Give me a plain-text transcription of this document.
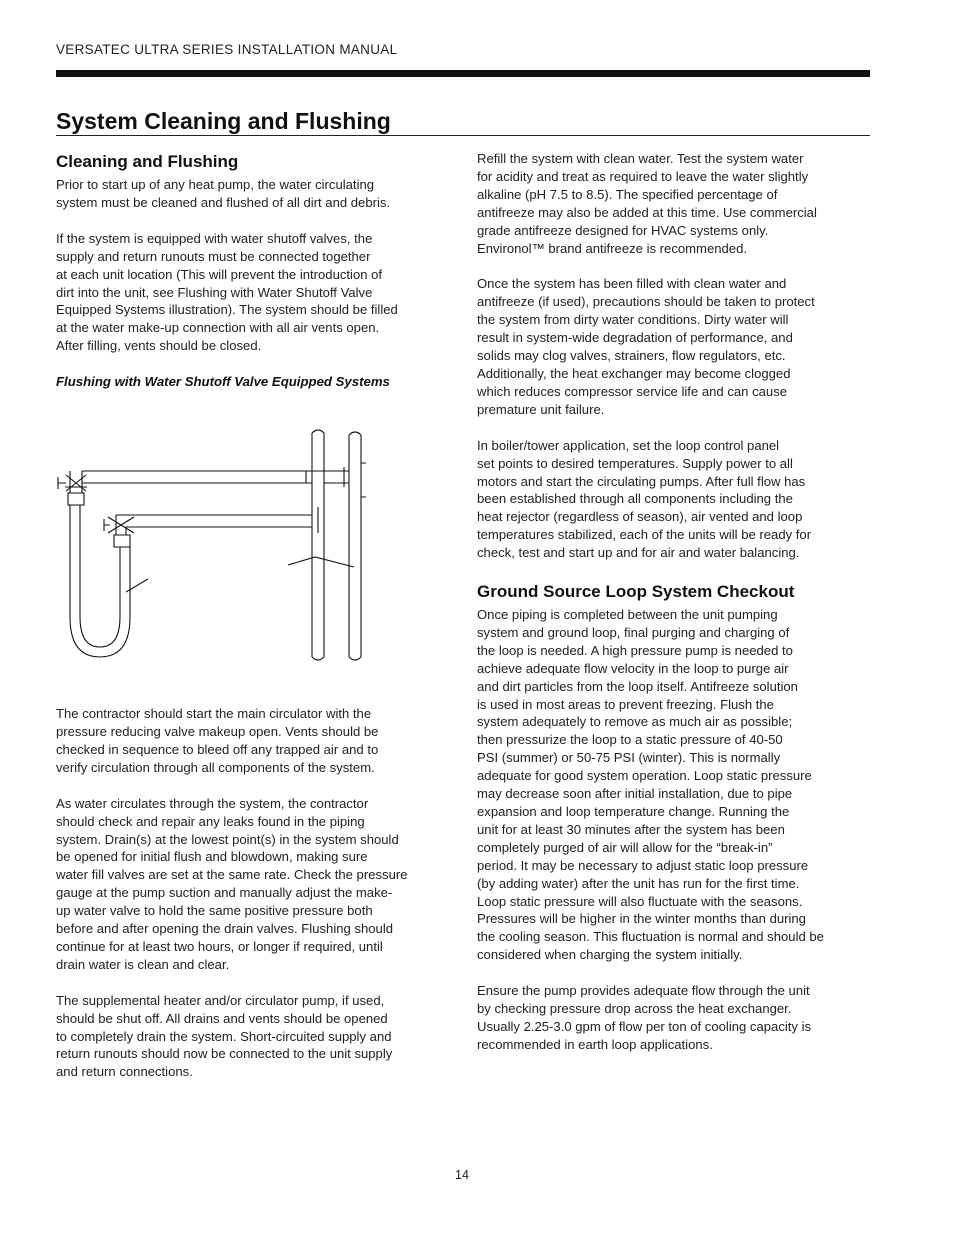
VERSATEC ULTRA SERIES INSTALLATION MANUAL
System Cleaning and Flushing
Cleaning and Flushing

Prior to start up of any heat pump, the water circulating
system must be cleaned and flushed of all dirt and debris.

If the system is equipped with water shutoff valves, the
supply and return runouts must be connected together
at each unit location (This will prevent the introduction of
dirt into the unit, see Flushing with Water Shutoff Valve
Equipped Systems illustration). The system should be filled
at the water make-up connection with all air vents open.
After filling, vents should be closed.

Flushing with Water Shutoff Valve Equipped Systems

The contractor should start the main circulator with the
pressure reducing valve makeup open. Vents should be
checked in sequence to bleed off any trapped air and to
verify circulation through all components of the system.

As water circulates through the system, the contractor
should check and repair any leaks found in the piping
system. Drain(s) at the lowest point(s) in the system should
be opened for initial flush and blowdown, making sure
water fill valves are set at the same rate. Check the pressure
gauge at the pump suction and manually adjust the make-
up water valve to hold the same positive pressure both
before and after opening the drain valves. Flushing should
continue for at least two hours, or longer if required, until
drain water is clean and clear.

The supplemental heater and/or circulator pump, if used,
should be shut off. All drains and vents should be opened
to completely drain the system. Short-circuited supply and
return runouts should now be connected to the unit supply
and return connections.

Refill the system with clean water. Test the system water
for acidity and treat as required to leave the water slightly
alkaline (pH 7.5 to 8.5). The specified percentage of
antifreeze may also be added at this time. Use commercial
grade antifreeze designed for HVAC systems only.
Environol™ brand antifreeze is recommended.

Once the system has been filled with clean water and
antifreeze (if used), precautions should be taken to protect
the system from dirty water conditions. Dirty water will
result in system-wide degradation of performance, and
solids may clog valves, strainers, flow regulators, etc.
Additionally, the heat exchanger may become clogged
which reduces compressor service life and can cause
premature unit failure.

In boiler/tower application, set the loop control panel
set points to desired temperatures. Supply power to all
motors and start the circulating pumps. After full flow has
been established through all components including the
heat rejector (regardless of season), air vented and loop
temperatures stabilized, each of the units will be ready for
check, test and start up and for air and water balancing.

Ground Source Loop System Checkout

Once piping is completed between the unit pumping
system and ground loop, final purging and charging of
the loop is needed. A high pressure pump is needed to
achieve adequate flow velocity in the loop to purge air
and dirt particles from the loop itself. Antifreeze solution
is used in most areas to prevent freezing. Flush the
system adequately to remove as much air as possible;
then pressurize the loop to a static pressure of 40-50
PSI (summer) or 50-75 PSI (winter). This is normally
adequate for good system operation. Loop static pressure
may decrease soon after initial installation, due to pipe
expansion and loop temperature change. Running the
unit for at least 30 minutes after the system has been
completely purged of air will allow for the “break-in”
period. It may be necessary to adjust static loop pressure
(by adding water) after the unit has run for the first time.
Loop static pressure will also fluctuate with the seasons.
Pressures will be higher in the winter months than during
the cooling season. This fluctuation is normal and should be
considered when charging the system initially.

Ensure the pump provides adequate flow through the unit
by checking pressure drop across the heat exchanger.
Usually 2.25-3.0 gpm of flow per ton of cooling capacity is
recommended in earth loop applications.

14
